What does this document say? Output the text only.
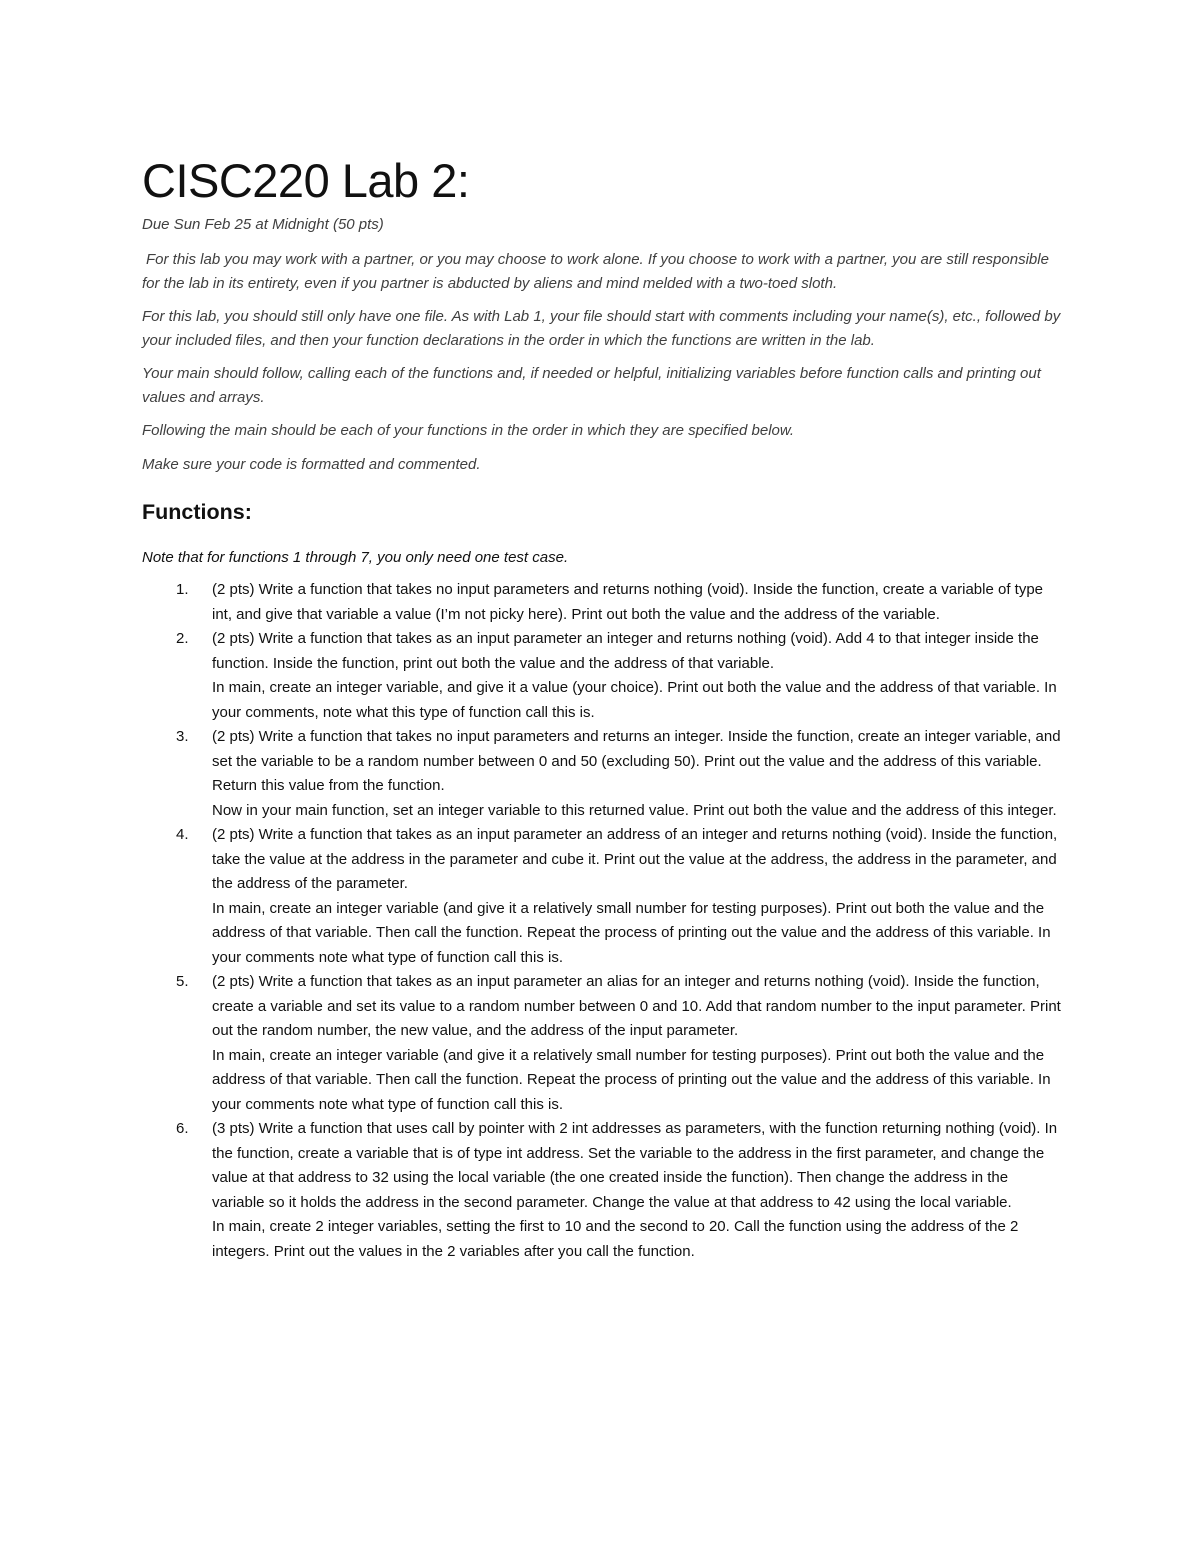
CISC220 Lab 2:
Due Sun Feb 25 at Midnight (50 pts)

For this lab you may work with a partner, or you may choose to work alone. If you choose to work with a partner, you are still responsible for the lab in its entirety, even if you partner is abducted by aliens and mind melded with a two-toed sloth.

For this lab, you should still only have one file. As with Lab 1, your file should start with comments including your name(s), etc., followed by your included files, and then your function declarations in the order in which the functions are written in the lab.

Your main should follow, calling each of the functions and, if needed or helpful, initializing variables before function calls and printing out values and arrays.

Following the main should be each of your functions in the order in which they are specified below.

Make sure your code is formatted and commented.

Functions:

Note that for functions 1 through 7, you only need one test case.

1. (2 pts) Write a function that takes no input parameters and returns nothing (void). Inside the function, create a variable of type int, and give that variable a value (I’m not picky here). Print out both the value and the address of the variable.

2. (2 pts) Write a function that takes as an input parameter an integer and returns nothing (void). Add 4 to that integer inside the function. Inside the function, print out both the value and the address of that variable.

In main, create an integer variable, and give it a value (your choice). Print out both the value and the address of that variable. In your comments, note what this type of function call this is.

3. (2 pts) Write a function that takes no input parameters and returns an integer. Inside the function, create an integer variable, and set the variable to be a random number between 0 and 50 (excluding 50). Print out the value and the address of this variable. Return this value from the function.

Now in your main function, set an integer variable to this returned value. Print out both the value and the address of this integer.

4. (2 pts) Write a function that takes as an input parameter an address of an integer and returns nothing (void). Inside the function, take the value at the address in the parameter and cube it. Print out the value at the address, the address in the parameter, and the address of the parameter.

In main, create an integer variable (and give it a relatively small number for testing purposes). Print out both the value and the address of that variable. Then call the function. Repeat the process of printing out the value and the address of this variable. In your comments note what type of function call this is.

5. (2 pts) Write a function that takes as an input parameter an alias for an integer and returns nothing (void). Inside the function, create a variable and set its value to a random number between 0 and 10. Add that random number to the input parameter. Print out the random number, the new value, and the address of the input parameter.

In main, create an integer variable (and give it a relatively small number for testing purposes). Print out both the value and the address of that variable. Then call the function. Repeat the process of printing out the value and the address of this variable. In your comments note what type of function call this is.

6. (3 pts) Write a function that uses call by pointer with 2 int addresses as parameters, with the function returning nothing (void). In the function, create a variable that is of type int address. Set the variable to the address in the first parameter, and change the value at that address to 32 using the local variable (the one created inside the function). Then change the address in the variable so it holds the address in the second parameter. Change the value at that address to 42 using the local variable.

In main, create 2 integer variables, setting the first to 10 and the second to 20. Call the function using the address of the 2 integers. Print out the values in the 2 variables after you call the function.
